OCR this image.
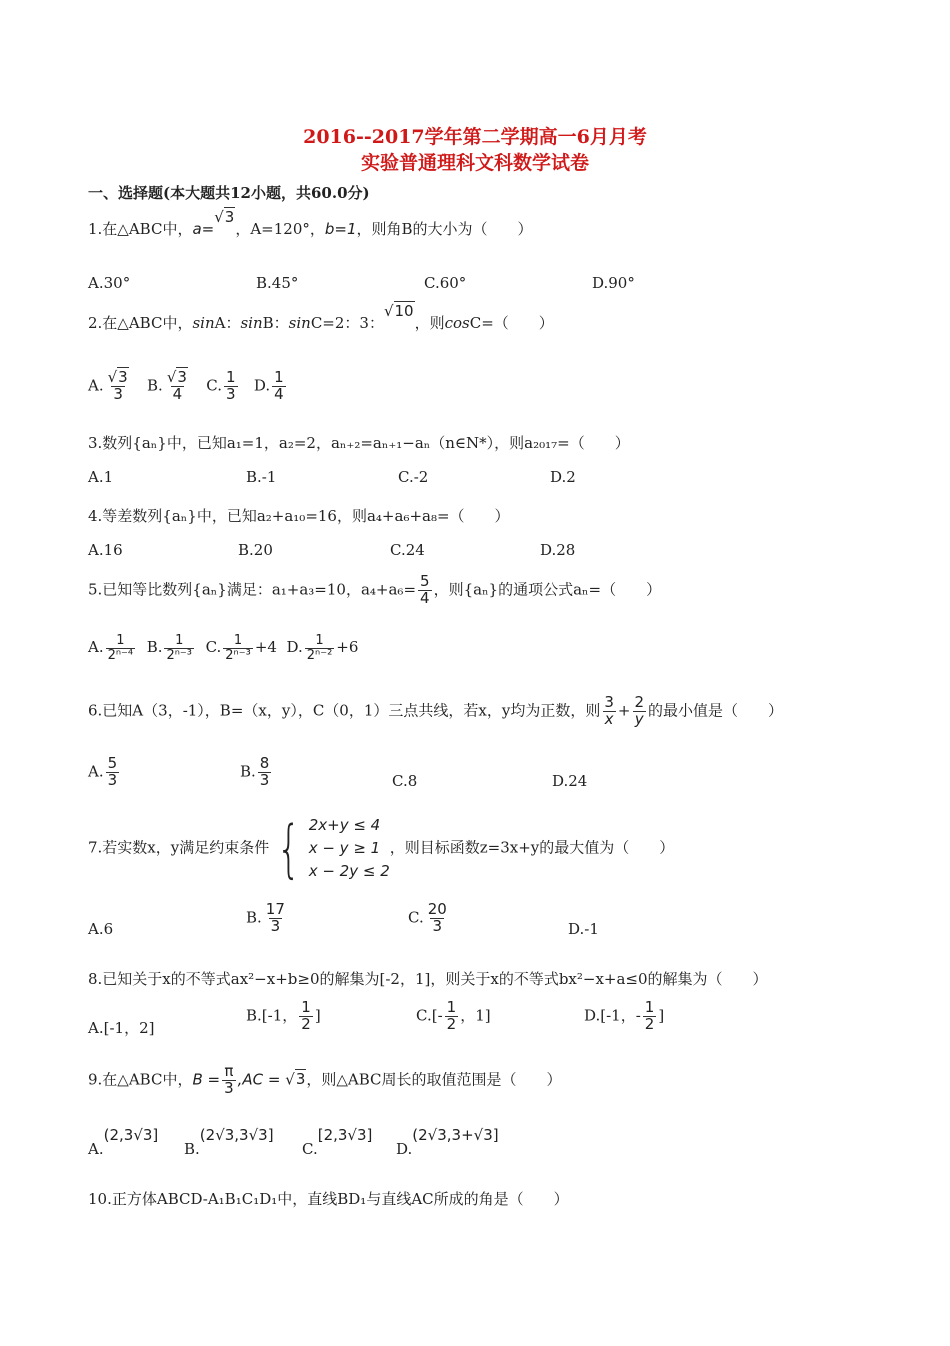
2016--2017学年第二学期高一6月月考
实验普通理科文科数学试卷
一、选择题(本大题共12小题，共60.0分)
1.在△ABC中，a=√3，A=120°，b=1，则角B的大小为（　　）
A.30°	B.45°	C.60°	D.90°
2.在△ABC中，sinA：sinB：sinC=2：3：√10，则cosC=（　　）
A. $\frac{√3}{3} B$. $\frac{√3}{4} C$. $\frac{1}{3} D$. $\frac{1}{4}$
3.数列{aₙ}中，已知a₁=1，a₂=2，aₙ₊₂=aₙ₊₁−aₙ（n∈N*），则a₂₀₁₇=（　　）
A.1	B.-1	C.-2	D.2
4.等差数列{aₙ}中，已知a₂+a₁₀=16，则a₄+a₆+a₈=（　　）
A.16	B.20	C.24	D.28
5.已知等比数列{aₙ}满足：a₁+a₃=10，$a_4+a_6= \frac{5}{4}$ ，则{aₙ}的通项公式aₙ=（　　）
A. $\frac{1}{\text{2ⁿ⁻⁴}} B$. $\frac{1}{\text{2ⁿ⁻³}} C$. $\frac{1}{\text{2ⁿ⁻³}} +4$ D. $\frac{1}{\text{2ⁿ⁻²}} +6$
6.已知A（3，-1），B=（x，y），C（0，1）三点共线，若x，y均为正数，则 $\frac{3}{x} + \frac{2}{y}$ 的最小值是（　　）
A. $\frac{5}{3}$	B. $\frac{8}{3}$	C.8	D.24
7.若实数x，y满足约束条件 { 2x+y ≤ 4
x − y ≥ 1
x − 2y ≤ 2
，则目标函数z=3x+y的最大值为（　　）
A.6
B. $\frac{17}{3}$	C. $\frac{20}{3}$	D.-1
8.已知关于x的不等式ax²−x+b≥0的解集为[-2，1]，则关于x的不等式bx²−x+a≤0的解集为（　　）
A.[-1，2]
B.[-1， $\frac{1}{2}$ ]	$C.[- \frac{1}{2}$ ，1]	D.[-1，- $\frac{1}{2}$ ]
9.在△ABC中，$B = \frac{\pi}{3} ,AC = √3$，则△ABC周长的取值范围是（　　）
A.(2,3√3]
B.(2√3,3√3]
C.[2,3√3]
D.(2√3,3+√3]
10.正方体ABCD-A₁B₁C₁D₁中，直线BD₁与直线AC所成的角是（　　）
